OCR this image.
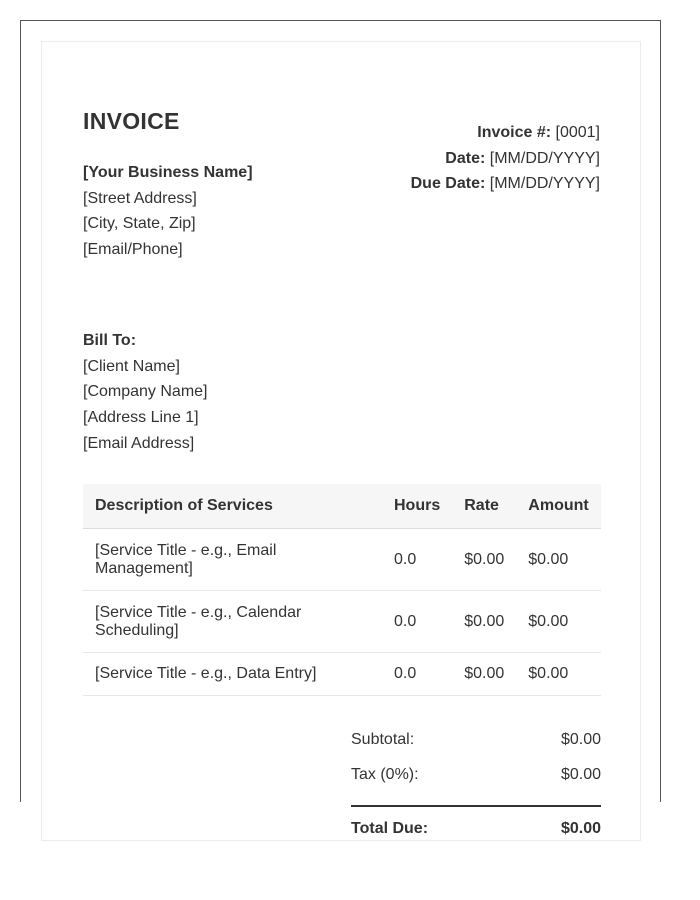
INVOICE
[Your Business Name]
[Street Address]
[City, State, Zip]
[Email/Phone]
Invoice #: [0001]
Date: [MM/DD/YYYY]
Due Date: [MM/DD/YYYY]
Bill To:
[Client Name]
[Company Name]
[Address Line 1]
[Email Address]
Description of Services	Hours	Rate	Amount
[Service Title - e.g., Email Management]	0.0	$0.00	$0.00
[Service Title - e.g., Calendar Scheduling]	0.0	$0.00	$0.00
[Service Title - e.g., Data Entry]	0.0	$0.00	$0.00
Subtotal:	$0.00
Tax (0%):	$0.00
Total Due:	$0.00
